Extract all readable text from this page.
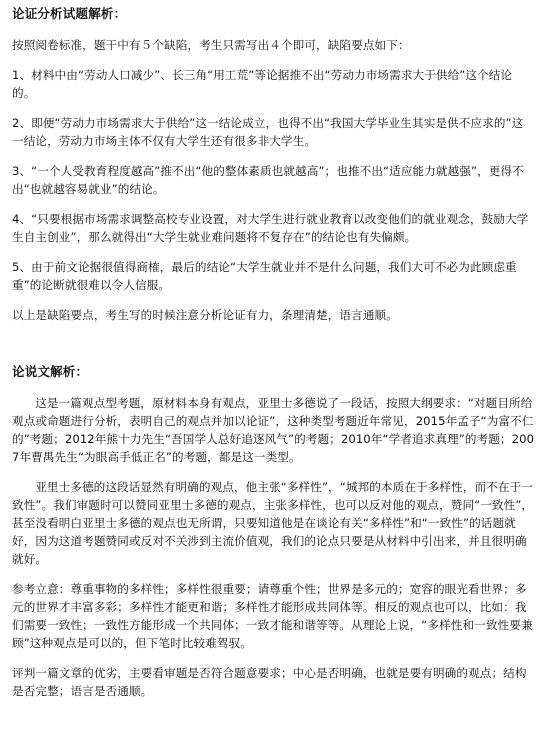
论证分析试题解析：

按照阅卷标准，题干中有５个缺陷，考生只需写出４个即可，缺陷要点如下：

1、材料中由“劳动人口减少”、长三角“用工荒”等论据推不出“劳动力市场需求大于供给”这个结论的。

2、即便“劳动力市场需求大于供给”这一结论成立，也得不出“我国大学毕业生其实是供不应求的”这一结论，劳动力市场主体不仅有大学生还有很多非大学生。

3、“一个人受教育程度越高”推不出“他的整体素质也就越高”；也推不出“适应能力就越强”，更得不出“也就越容易就业”的结论。

4、“只要根据市场需求调整高校专业设置，对大学生进行就业教育以改变他们的就业观念，鼓励大学生自主创业”，那么就得出“大学生就业难问题将不复存在”的结论也有失偏颇。

5、由于前文论据很值得商榷，最后的结论“大学生就业并不是什么问题，我们大可不必为此顾虑重重”的论断就很难以令人信服。

以上是缺陷要点，考生写的时候注意分析论证有力，条理清楚，语言通顺。

论说文解析：

这是一篇观点型考题，原材料本身有观点，亚里士多德说了一段话，按照大纲要求：“对题目所给观点或命题进行分析，表明自己的观点并加以论证”，这种类型考题近年常见，2015年孟子“为富不仁的”考题；2012年熊十力先生“吾国学人总好追逐风气”的考题；2010年“学者追求真理”的考题；2007年曹禺先生“为眼高手低正名”的考题，都是这一类型。

亚里士多德的这段话显然有明确的观点，他主张“多样性”，“城邦的本质在于多样性，而不在于一致性”。我们审题时可以赞同亚里士多德的观点，主张多样性，也可以反对他的观点，赞同“一致性”，甚至没看明白亚里士多德的观点也无所谓，只要知道他是在谈论有关“多样性”和“一致性”的话题就好，因为这道考题赞同或反对不关涉到主流价值观，我们的论点只要是从材料中引出来，并且很明确就好。

参考立意：尊重事物的多样性；多样性很重要；请尊重个性；世界是多元的；宽容的眼光看世界；多元的世界才丰富多彩；多样性才能更和谐；多样性才能形成共同体等。相反的观点也可以，比如：我们需要一致性；一致性方能形成一个共同体；一致才能和谐等等。从理论上说，“多样性和一致性要兼顾”这种观点是可以的，但下笔时比较难驾驭。

评判一篇文章的优劣，主要看审题是否符合题意要求；中心是否明确，也就是要有明确的观点；结构是否完整；语言是否通顺。
